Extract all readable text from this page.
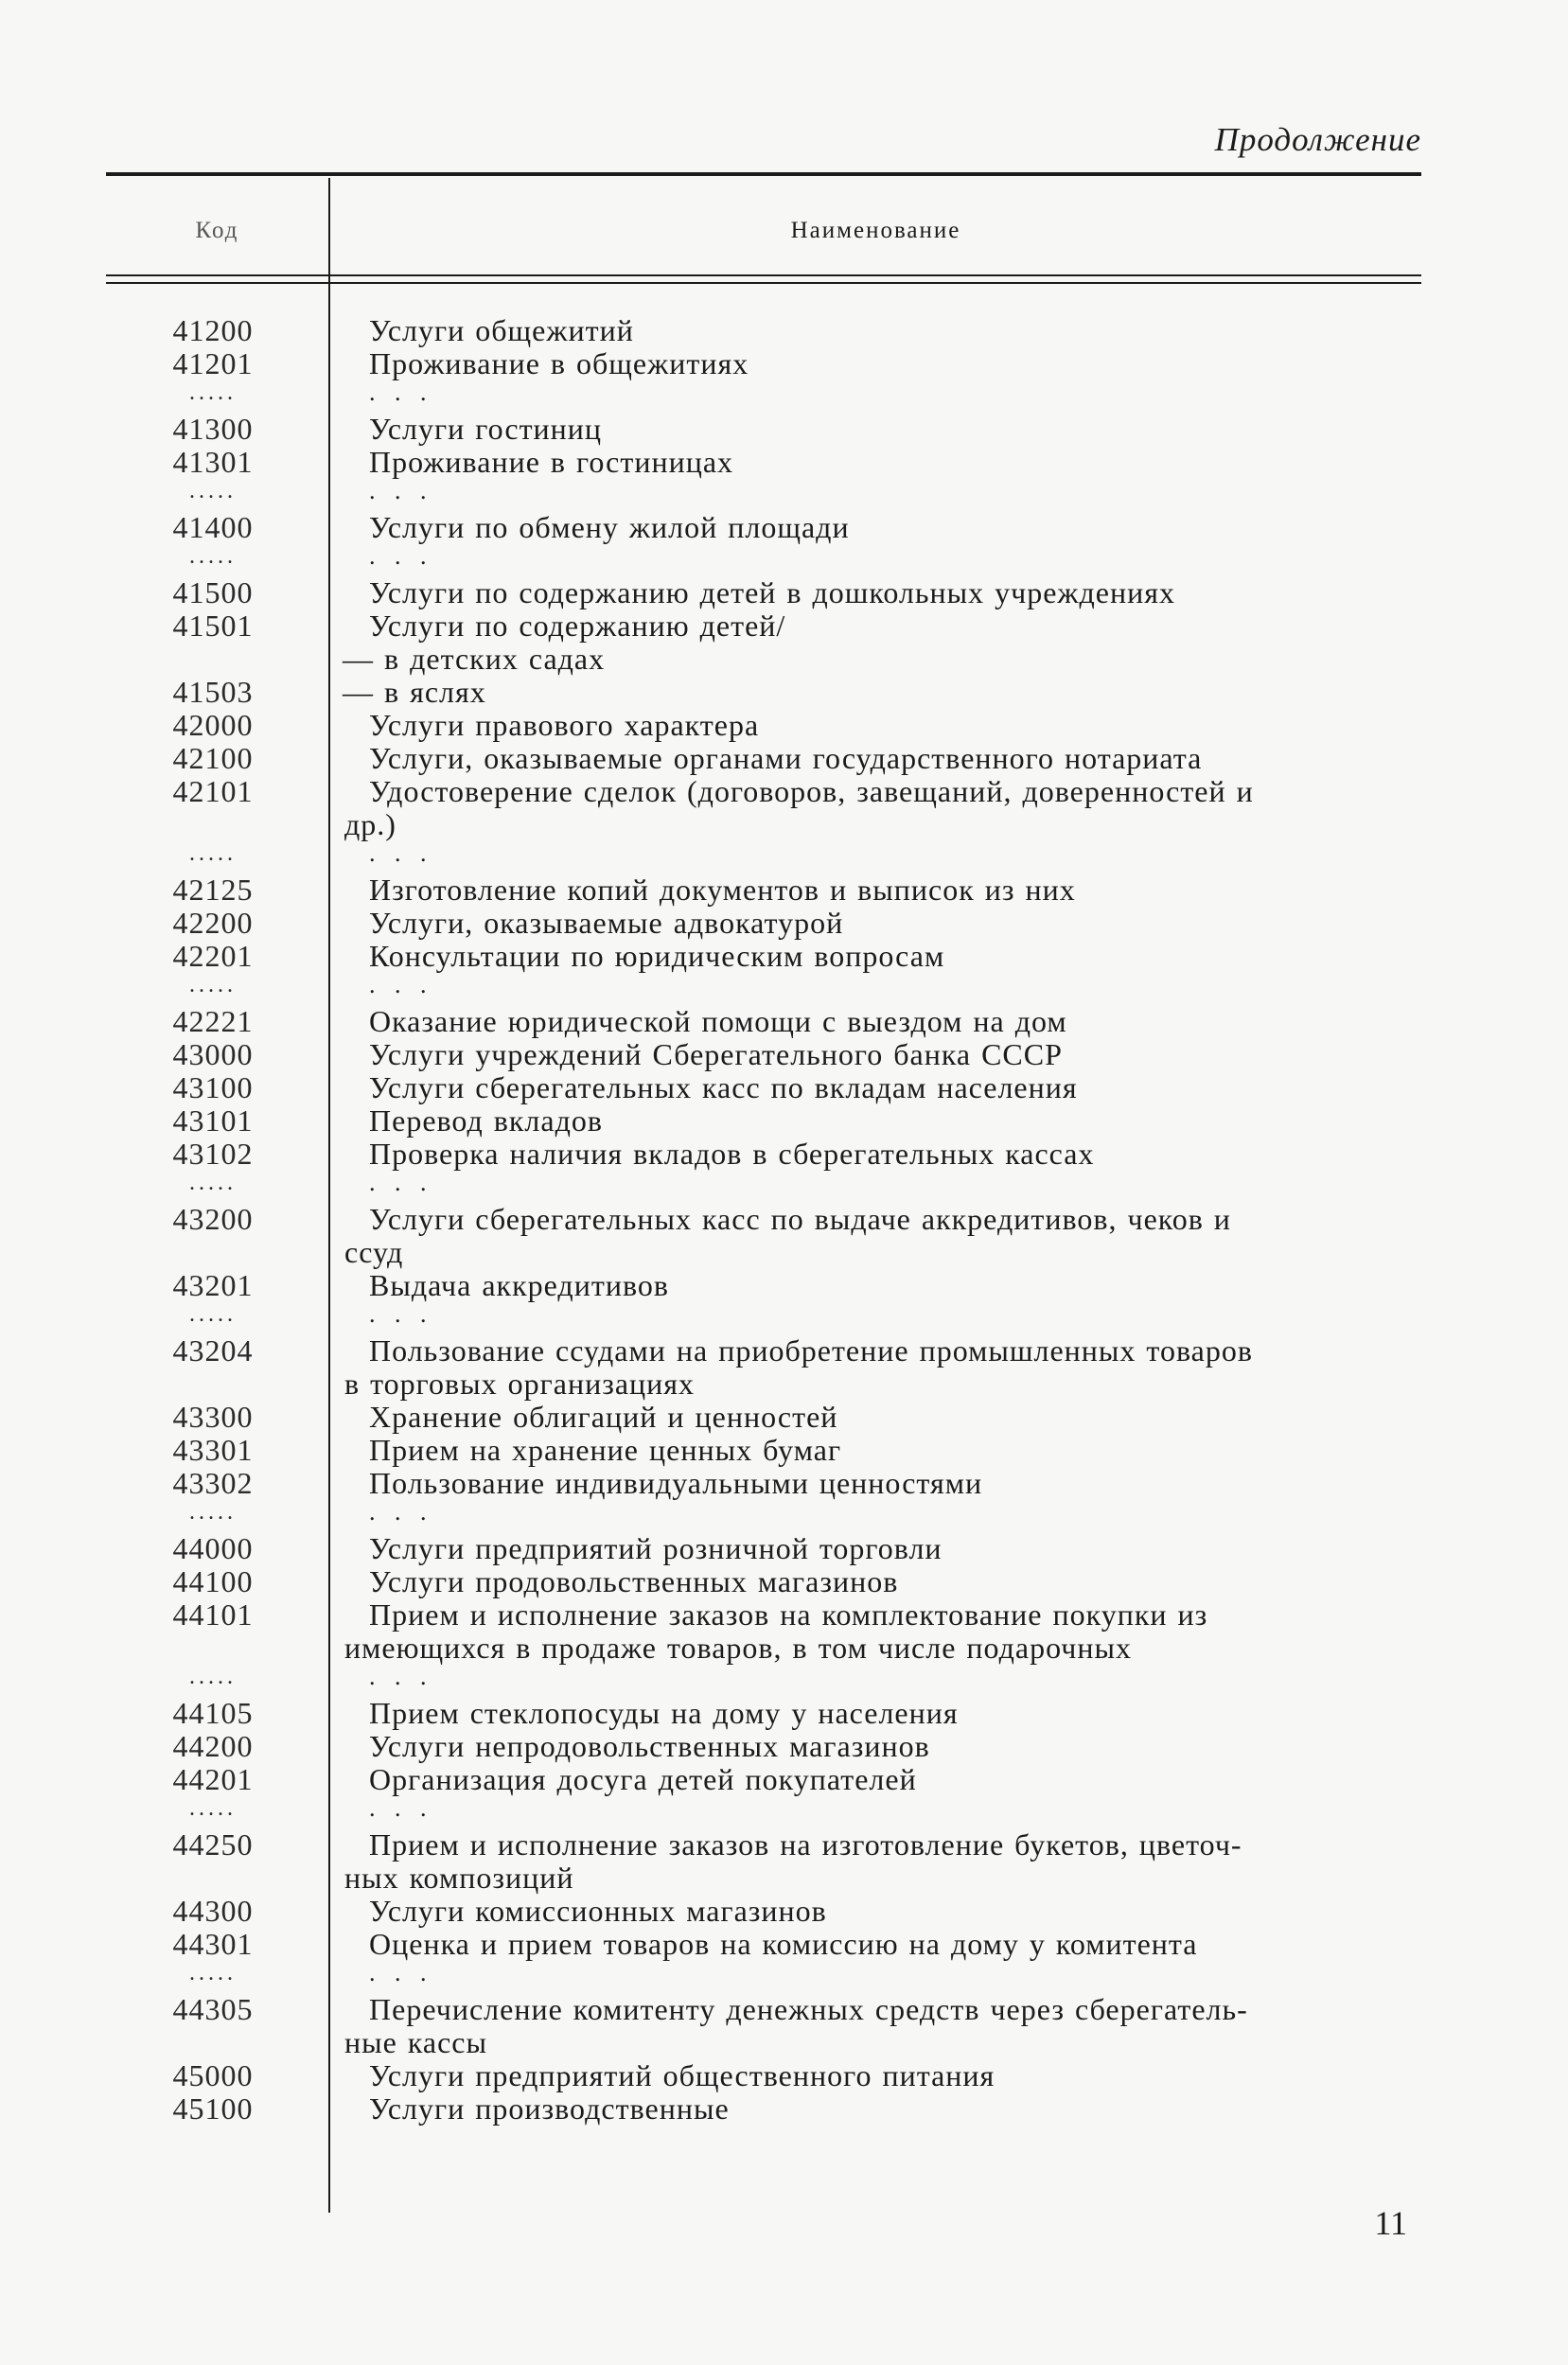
Продолжение
Код	Наименование
41200	Услуги общежитий
41201	Проживание в общежитиях
.....	. . .
41300	Услуги гостиниц
41301	Проживание в гостиницах
.....	. . .
41400	Услуги по обмену жилой площади
.....	. . .
41500	Услуги по содержанию детей в дошкольных учреждениях
41501	Услуги по содержанию детей/
— в детских садах
41503	— в яслях
42000	Услуги правового характера
42100	Услуги, оказываемые органами государственного нотариата
42101	Удостоверение сделок (договоров, завещаний, доверенностей и
др.)
.....	. . .
42125	Изготовление копий документов и выписок из них
42200	Услуги, оказываемые адвокатурой
42201	Консультации по юридическим вопросам
.....	. . .
42221	Оказание юридической помощи с выездом на дом
43000	Услуги учреждений Сберегательного банка СССР
43100	Услуги сберегательных касс по вкладам населения
43101	Перевод вкладов
43102	Проверка наличия вкладов в сберегательных кассах
.....	. . .
43200	Услуги сберегательных касс по выдаче аккредитивов, чеков и
ссуд
43201	Выдача аккредитивов
.....	. . .
43204	Пользование ссудами на приобретение промышленных товаров
в торговых организациях
43300	Хранение облигаций и ценностей
43301	Прием на хранение ценных бумаг
43302	Пользование индивидуальными ценностями
.....	. . .
44000	Услуги предприятий розничной торговли
44100	Услуги продовольственных магазинов
44101	Прием и исполнение заказов на комплектование покупки из
имеющихся в продаже товаров, в том числе подарочных
.....	. . .
44105	Прием стеклопосуды на дому у населения
44200	Услуги непродовольственных магазинов
44201	Организация досуга детей покупателей
.....	. . .
44250	Прием и исполнение заказов на изготовление букетов, цветоч-
ных композиций
44300	Услуги комиссионных магазинов
44301	Оценка и прием товаров на комиссию на дому у комитента
.....	. . .
44305	Перечисление комитенту денежных средств через сберегатель-
ные кассы
45000	Услуги предприятий общественного питания
45100	Услуги производственные
11
